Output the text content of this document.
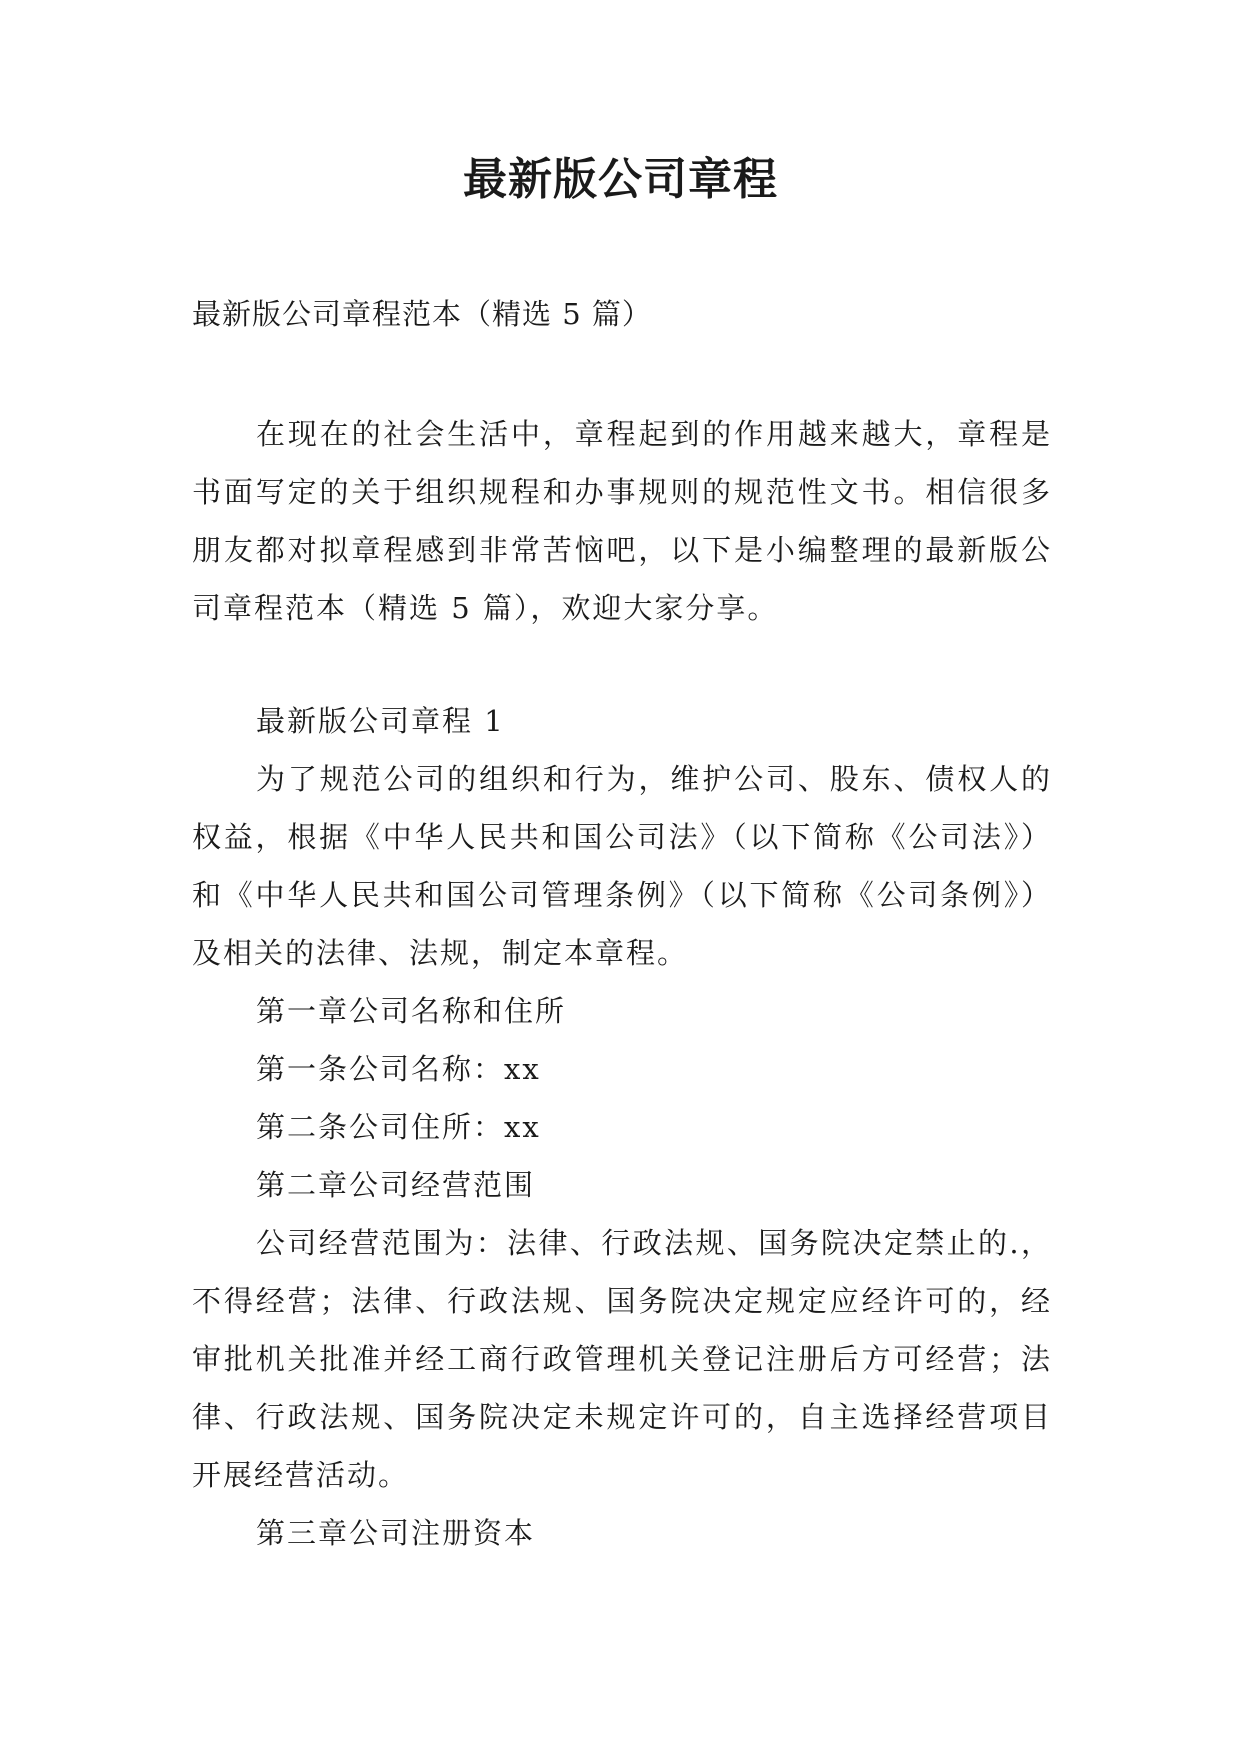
最新版公司章程

最新版公司章程范本（精选 5 篇）

在现在的社会生活中，章程起到的作用越来越大，章程是书面写定的关于组织规程和办事规则的规范性文书。相信很多朋友都对拟章程感到非常苦恼吧，以下是小编整理的最新版公司章程范本（精选 5 篇），欢迎大家分享。

最新版公司章程 1

为了规范公司的组织和行为，维护公司、股东、债权人的权益，根据《中华人民共和国公司法》（以下简称《公司法》）和《中华人民共和国公司管理条例》（以下简称《公司条例》）及相关的法律、法规，制定本章程。

第一章公司名称和住所

第一条公司名称：xx

第二条公司住所：xx

第二章公司经营范围

公司经营范围为：法律、行政法规、国务院决定禁止的.，不得经营；法律、行政法规、国务院决定规定应经许可的，经审批机关批准并经工商行政管理机关登记注册后方可经营；法律、行政法规、国务院决定未规定许可的，自主选择经营项目开展经营活动。

第三章公司注册资本
